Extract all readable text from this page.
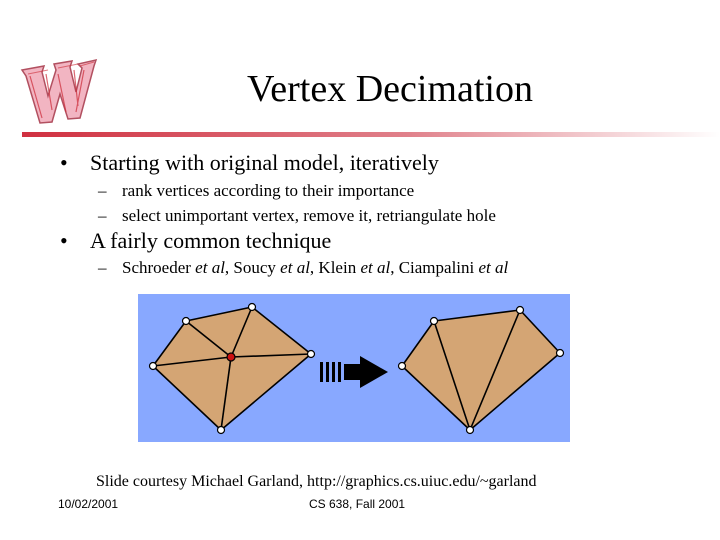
Vertex Decimation
• Starting with original model, iteratively
– rank vertices according to their importance
– select unimportant vertex, remove it, retriangulate hole
• A fairly common technique
– Schroeder et al, Soucy et al, Klein et al, Ciampalini et al
Slide courtesy Michael Garland, http://graphics.cs.uiuc.edu/~garland
10/02/2001	CS 638, Fall 2001
